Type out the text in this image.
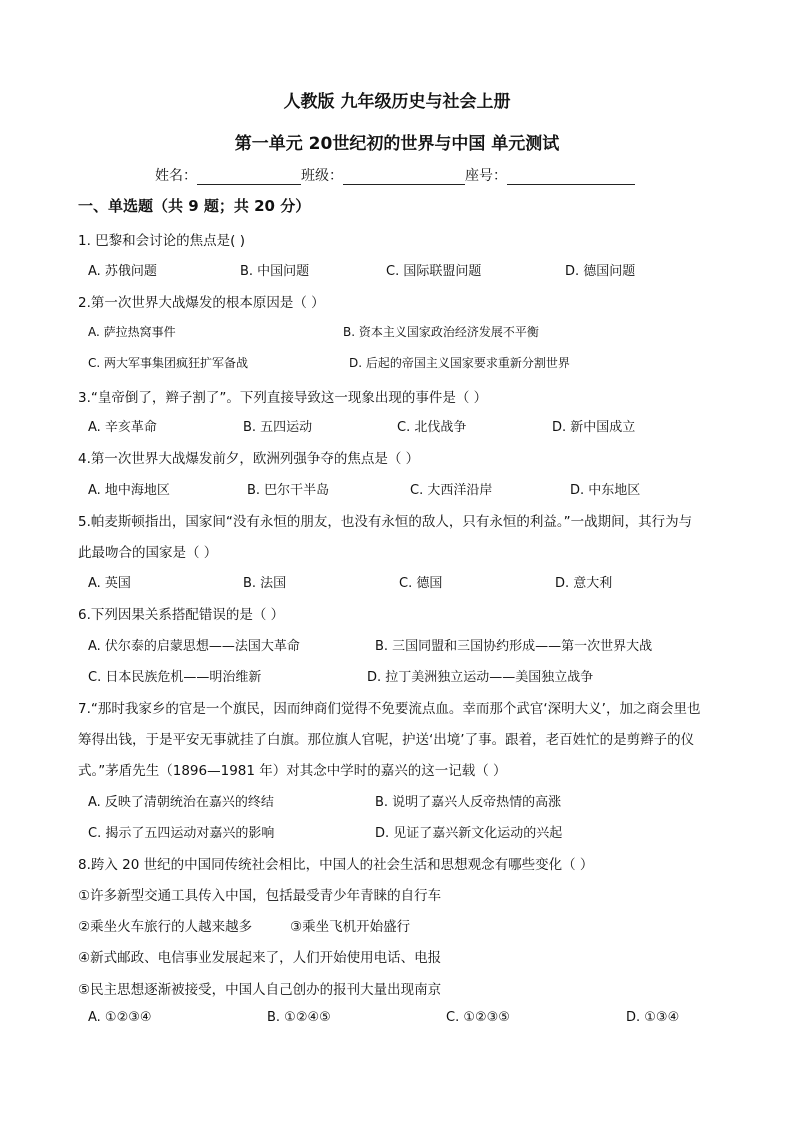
人教版 九年级历史与社会上册
第一单元 20世纪初的世界与中国 单元测试
姓名：	班级：	座号：
一、单选题（共 9 题；共 20 分）
1. 巴黎和会讨论的焦点是( )
A. 苏俄问题	B. 中国问题	C. 国际联盟问题	D. 德国问题
2.第一次世界大战爆发的根本原因是（ ）
A. 萨拉热窝事件	B. 资本主义国家政治经济发展不平衡
C. 两大军事集团疯狂扩军备战	D. 后起的帝国主义国家要求重新分割世界
3.“皇帝倒了，辫子割了”。下列直接导致这一现象出现的事件是（ ）
A. 辛亥革命	B. 五四运动	C. 北伐战争	D. 新中国成立
4.第一次世界大战爆发前夕，欧洲列强争夺的焦点是（ ）
A. 地中海地区	B. 巴尔干半岛	C. 大西洋沿岸	D. 中东地区
5.帕麦斯顿指出，国家间“没有永恒的朋友，也没有永恒的敌人，只有永恒的利益。”一战期间，其行为与
此最吻合的国家是（ ）
A. 英国	B. 法国	C. 德国	D. 意大利
6.下列因果关系搭配错误的是（ ）
A. 伏尔泰的启蒙思想——法国大革命	B. 三国同盟和三国协约形成——第一次世界大战
C. 日本民族危机——明治维新	D. 拉丁美洲独立运动——美国独立战争
7.“那时我家乡的官是一个旗民，因而绅商们觉得不免要流点血。幸而那个武官‘深明大义’，加之商会里也
筹得出钱，于是平安无事就挂了白旗。那位旗人官呢，护送‘出境’了事。跟着，老百姓忙的是剪辫子的仪
式。”茅盾先生（1896—1981 年）对其念中学时的嘉兴的这一记载（ ）
A. 反映了清朝统治在嘉兴的终结	B. 说明了嘉兴人反帝热情的高涨
C. 揭示了五四运动对嘉兴的影响	D. 见证了嘉兴新文化运动的兴起
8.跨入 20 世纪的中国同传统社会相比，中国人的社会生活和思想观念有哪些变化（ ）
①许多新型交通工具传入中国，包括最受青少年青睐的自行车
②乘坐火车旅行的人越来越多	③乘坐飞机开始盛行
④新式邮政、电信事业发展起来了，人们开始使用电话、电报
⑤民主思想逐渐被接受，中国人自己创办的报刊大量出现南京
A. ①②③④	B. ①②④⑤	C. ①②③⑤	D. ①③④
